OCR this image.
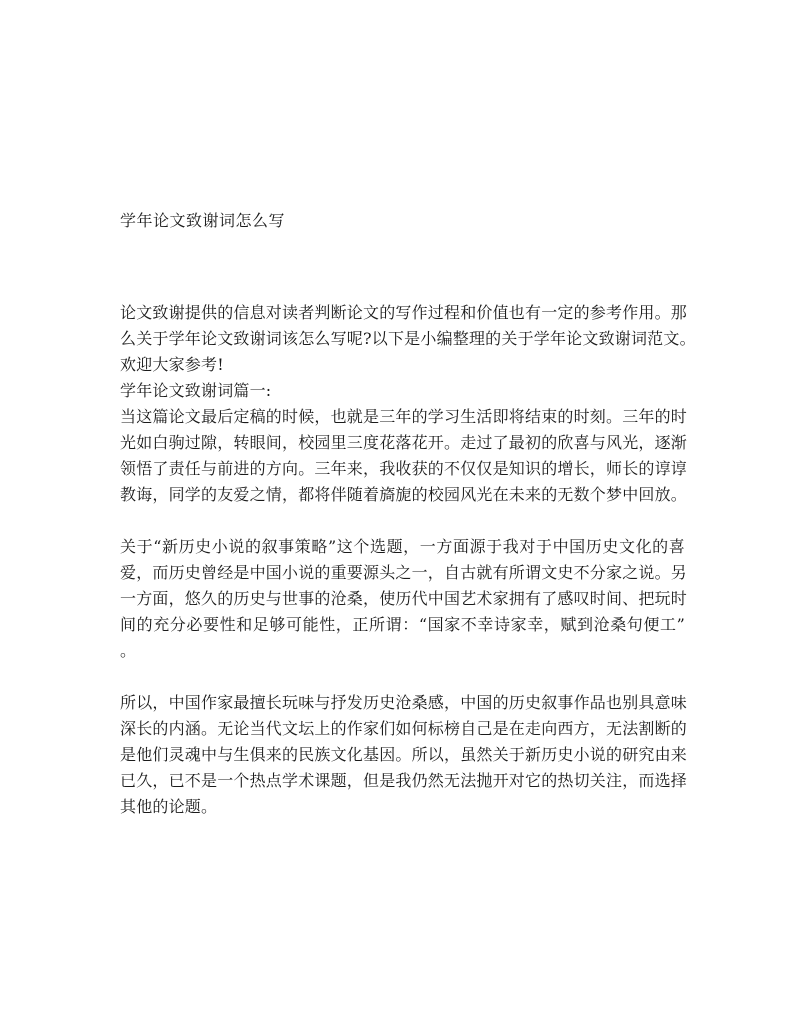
学年论文致谢词怎么写
论文致谢提供的信息对读者判断论文的写作过程和价值也有一定的参考作用。那
么关于学年论文致谢词该怎么写呢?以下是小编整理的关于学年论文致谢词范文。
欢迎大家参考!
学年论文致谢词篇一:
当这篇论文最后定稿的时候，也就是三年的学习生活即将结束的时刻。三年的时
光如白驹过隙，转眼间，校园里三度花落花开。走过了最初的欣喜与风光，逐渐
领悟了责任与前进的方向。三年来，我收获的不仅仅是知识的增长，师长的谆谆
教诲，同学的友爱之情，都将伴随着旖旎的校园风光在未来的无数个梦中回放。
关于“新历史小说的叙事策略”这个选题，一方面源于我对于中国历史文化的喜
爱，而历史曾经是中国小说的重要源头之一，自古就有所谓文史不分家之说。另
一方面，悠久的历史与世事的沧桑，使历代中国艺术家拥有了感叹时间、把玩时
间的充分必要性和足够可能性，正所谓：“国家不幸诗家幸，赋到沧桑句便工”
。
所以，中国作家最擅长玩味与抒发历史沧桑感，中国的历史叙事作品也别具意味
深长的内涵。无论当代文坛上的作家们如何标榜自己是在走向西方，无法割断的
是他们灵魂中与生俱来的民族文化基因。所以，虽然关于新历史小说的研究由来
已久，已不是一个热点学术课题，但是我仍然无法抛开对它的热切关注，而选择
其他的论题。
